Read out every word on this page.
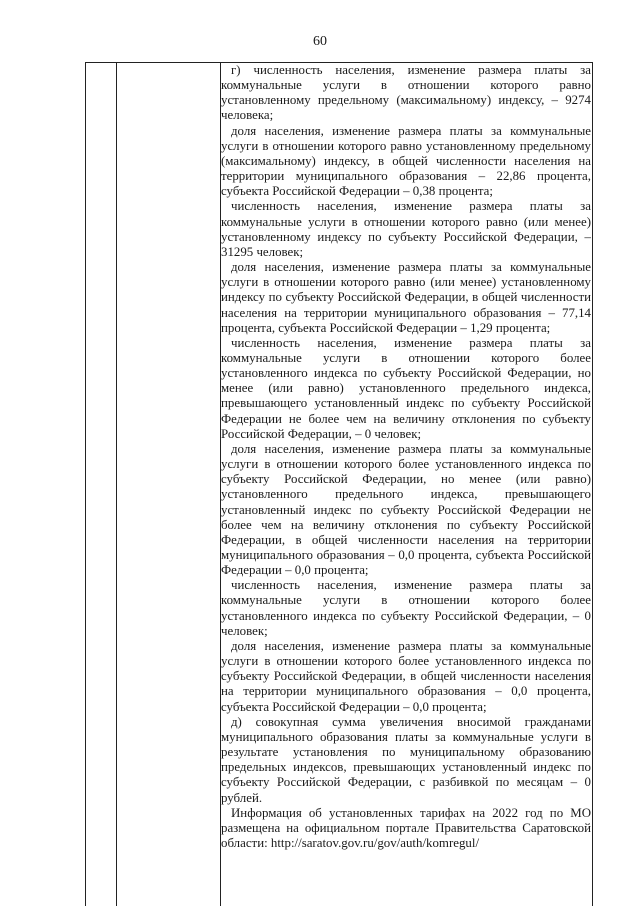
60

г) численность населения, изменение размера платы за коммунальные услуги в отношении которого равно установленному предельному (максимальному) индексу, – 9274 человека;

доля населения, изменение размера платы за коммунальные услуги в отношении которого равно установленному предельному (максимальному) индексу, в общей численности населения на территории муниципального образования – 22,86 процента, субъекта Российской Федерации – 0,38 процента;

численность населения, изменение размера платы за коммунальные услуги в отношении которого равно (или менее) установленному индексу по субъекту Российской Федерации, – 31295 человек;

доля населения, изменение размера платы за коммунальные услуги в отношении которого равно (или менее) установленному индексу по субъекту Российской Федерации, в общей численности населения на территории муниципального образования – 77,14 процента, субъекта Российской Федерации – 1,29 процента;

численность населения, изменение размера платы за коммунальные услуги в отношении которого более установленного индекса по субъекту Российской Федерации, но менее (или равно) установленного предельного индекса, превышающего установленный индекс по субъекту Российской Федерации не более чем на величину отклонения по субъекту Российской Федерации, – 0 человек;

доля населения, изменение размера платы за коммунальные услуги в отношении которого более установленного индекса по субъекту Российской Федерации, но менее (или равно) установленного предельного индекса, превышающего установленный индекс по субъекту Российской Федерации не более чем на величину отклонения по субъекту Российской Федерации, в общей численности населения на территории муниципального образования – 0,0 процента, субъекта Российской Федерации – 0,0 процента;

численность населения, изменение размера платы за коммунальные услуги в отношении которого более установленного индекса по субъекту Российской Федерации, – 0 человек;

доля населения, изменение размера платы за коммунальные услуги в отношении которого более установленного индекса по субъекту Российской Федерации, в общей численности населения на территории муниципального образования – 0,0 процента, субъекта Российской Федерации – 0,0 процента;

д) совокупная сумма увеличения вносимой гражданами муниципального образования платы за коммунальные услуги в результате установления по муниципальному образованию предельных индексов, превышающих установленный индекс по субъекту Российской Федерации, с разбивкой по месяцам – 0 рублей.

Информация об установленных тарифах на 2022 год по МО размещена на официальном портале Правительства Саратовской области: http://saratov.gov.ru/gov/auth/komregul/
